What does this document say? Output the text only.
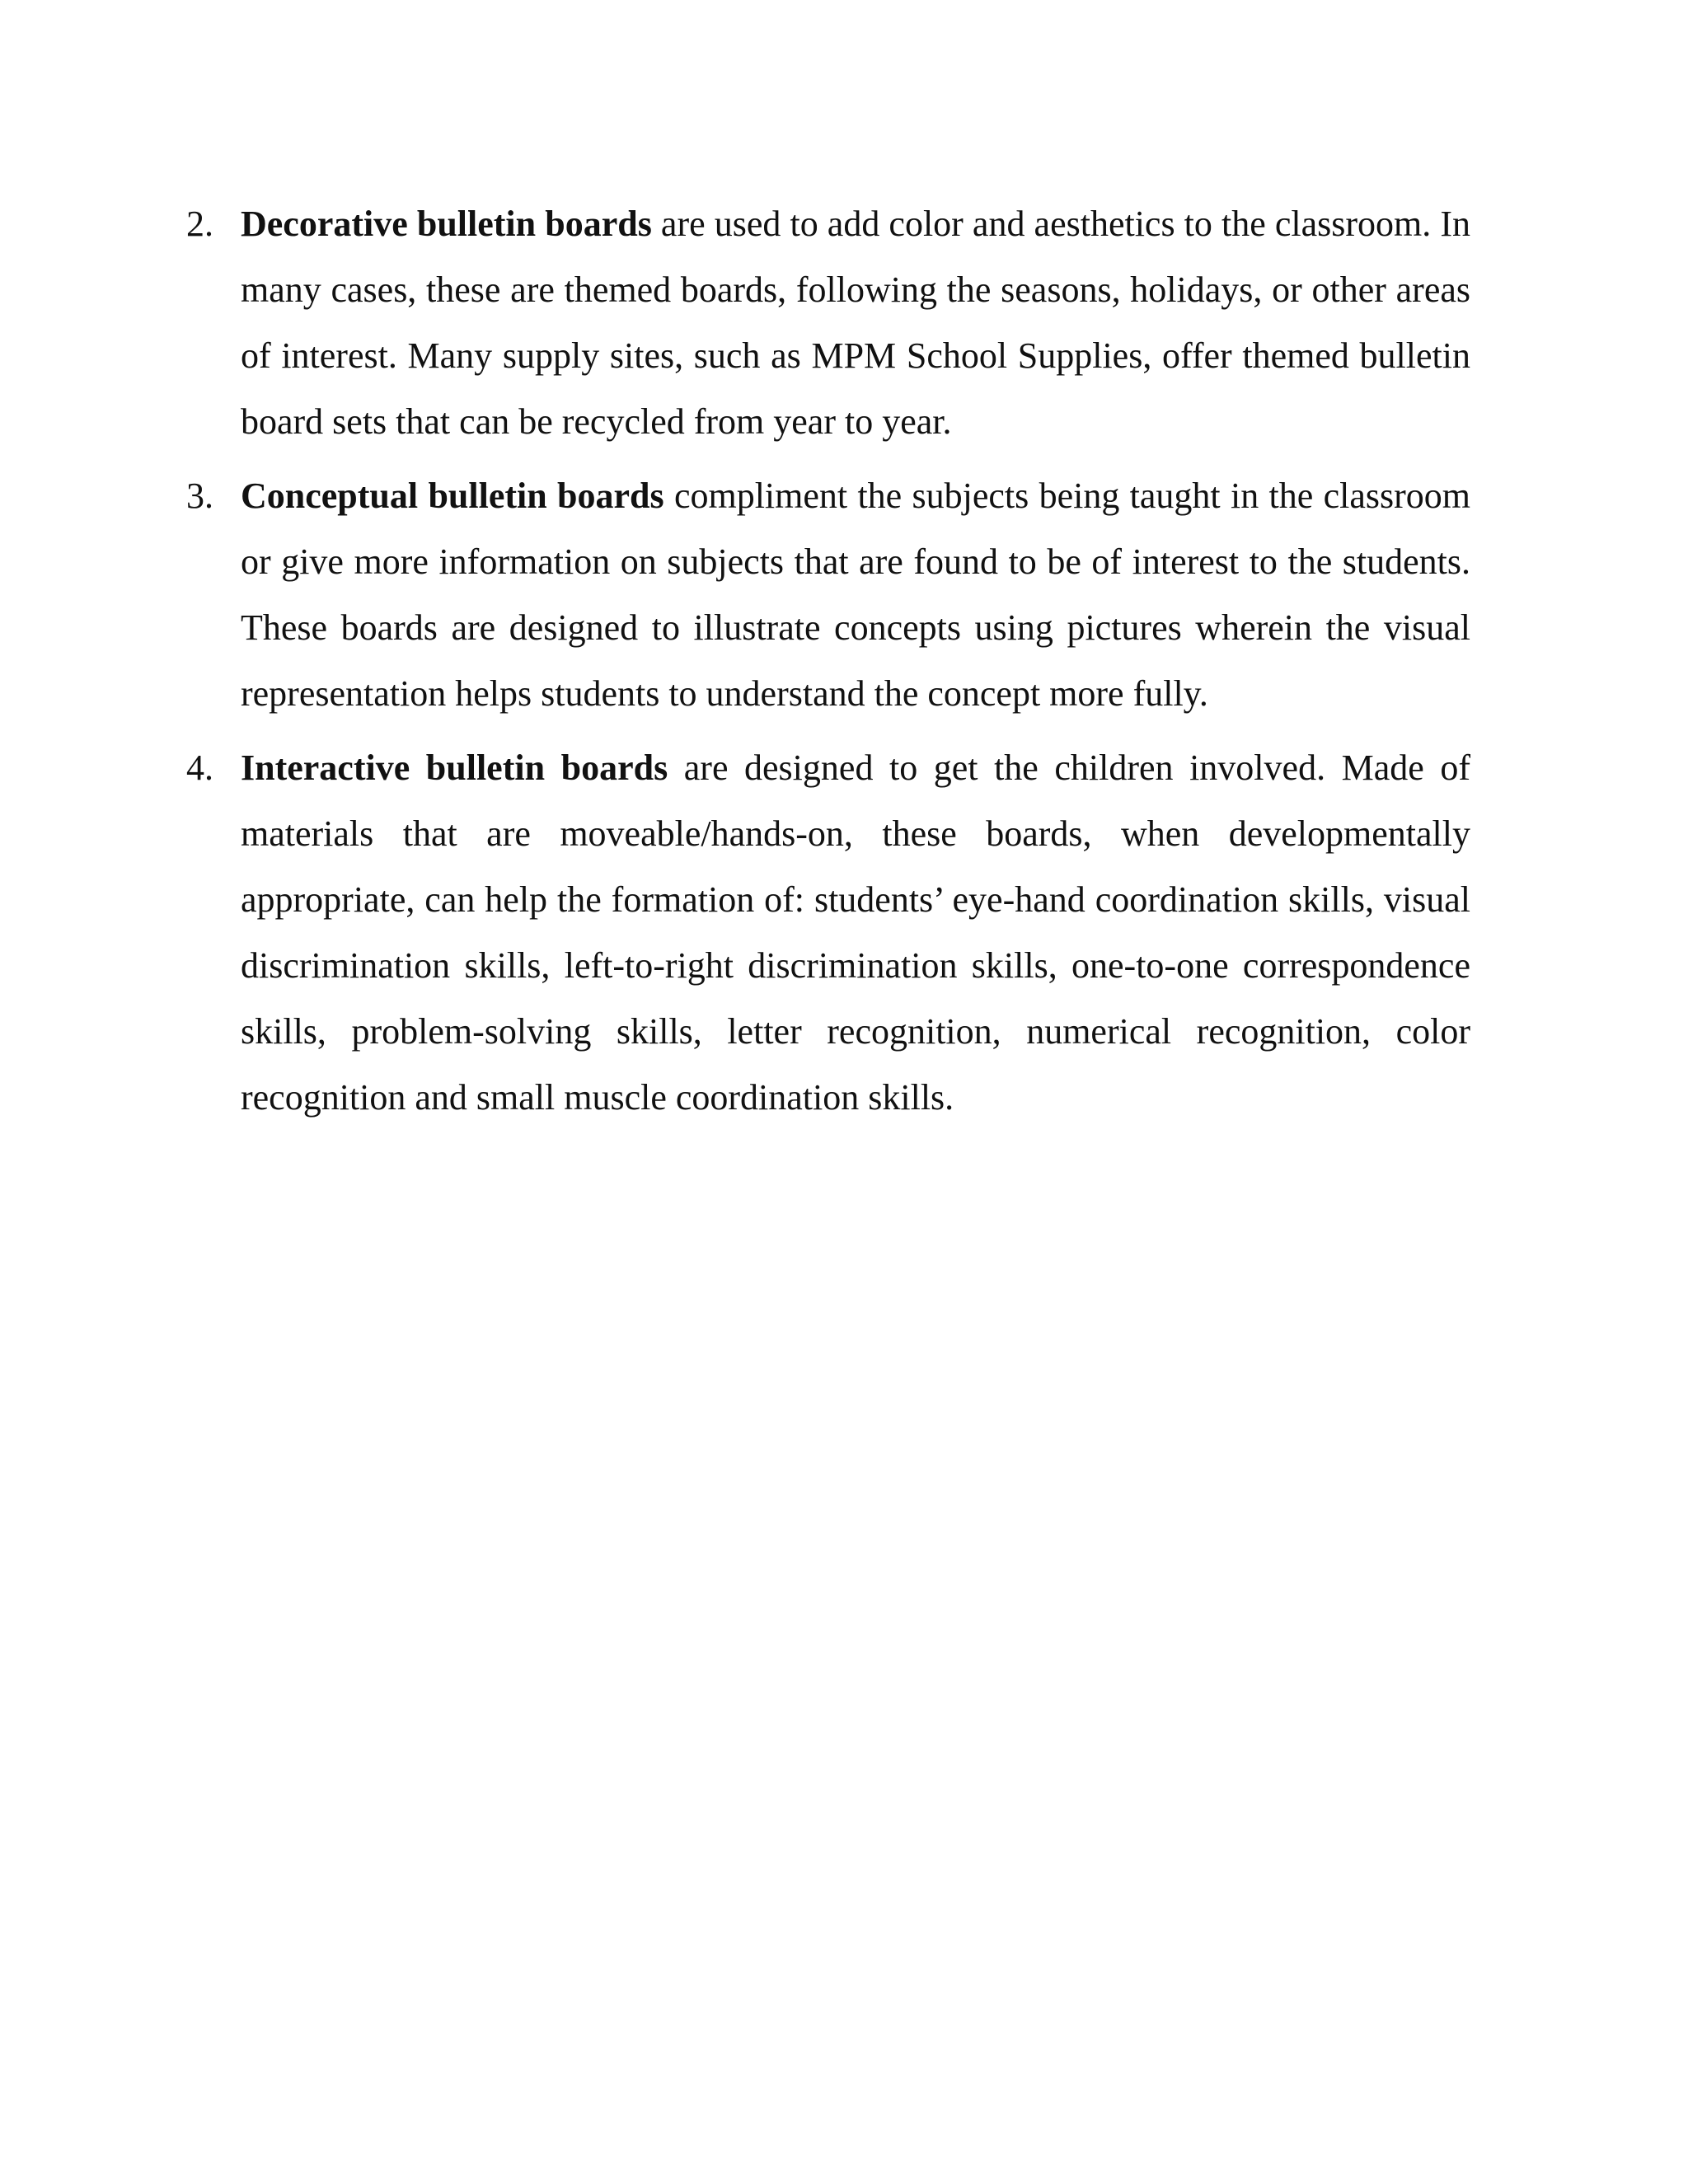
2. Decorative bulletin boards are used to add color and aesthetics to the classroom. In many cases, these are themed boards, following the seasons, holidays, or other areas of interest. Many supply sites, such as MPM School Supplies, offer themed bulletin board sets that can be recycled from year to year.
3. Conceptual bulletin boards compliment the subjects being taught in the classroom or give more information on subjects that are found to be of interest to the students. These boards are designed to illustrate concepts using pictures wherein the visual representation helps students to understand the concept more fully.
4. Interactive bulletin boards are designed to get the children involved. Made of materials that are moveable/hands-on, these boards, when developmentally appropriate, can help the formation of: students’ eye-hand coordination skills, visual discrimination skills, left-to-right discrimination skills, one-to-one correspondence skills, problem-solving skills, letter recognition, numerical recognition, color recognition and small muscle coordination skills.
